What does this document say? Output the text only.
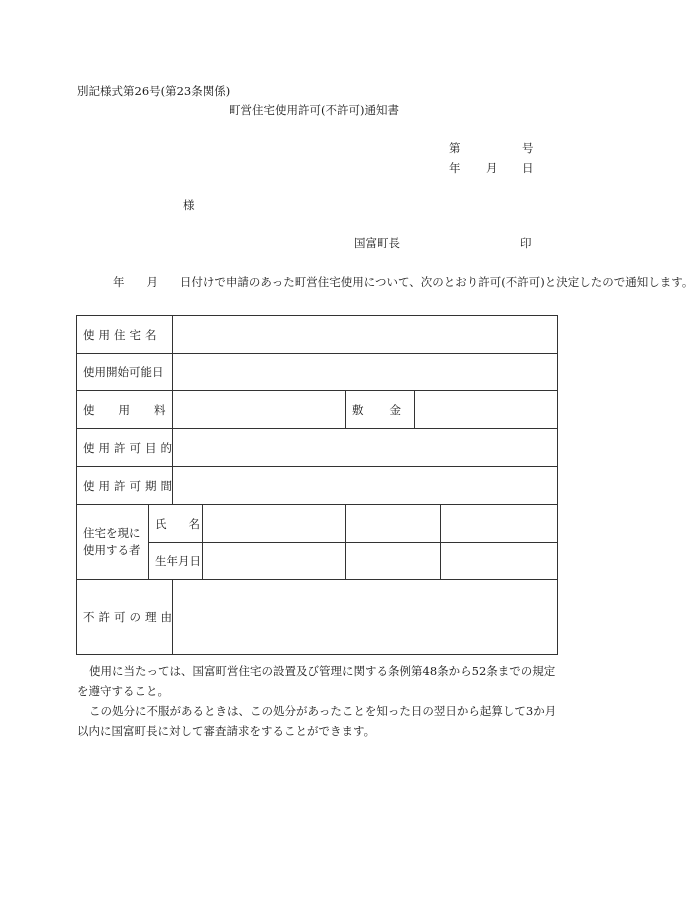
別記様式第26号(第23条関係)
町営住宅使用許可(不許可)通知書
第	号
年 月 日
様
国富町長	印
年 月 日付けで申請のあった町営住宅使用について、次のとおり許可(不許可)と決定したので通知します。
使用住宅名						
使用開始可能日						
使用料				敷金		
使用許可目的						
使用許可期間						
住宅を現に使用する者	氏名					
	生年月日					
不許可の理由						

使用に当たっては、国富町営住宅の設置及び管理に関する条例第48条から52条までの規定を遵守すること。

この処分に不服があるときは、この処分があったことを知った日の翌日から起算して3か月以内に国富町長に対して審査請求をすることができます。
